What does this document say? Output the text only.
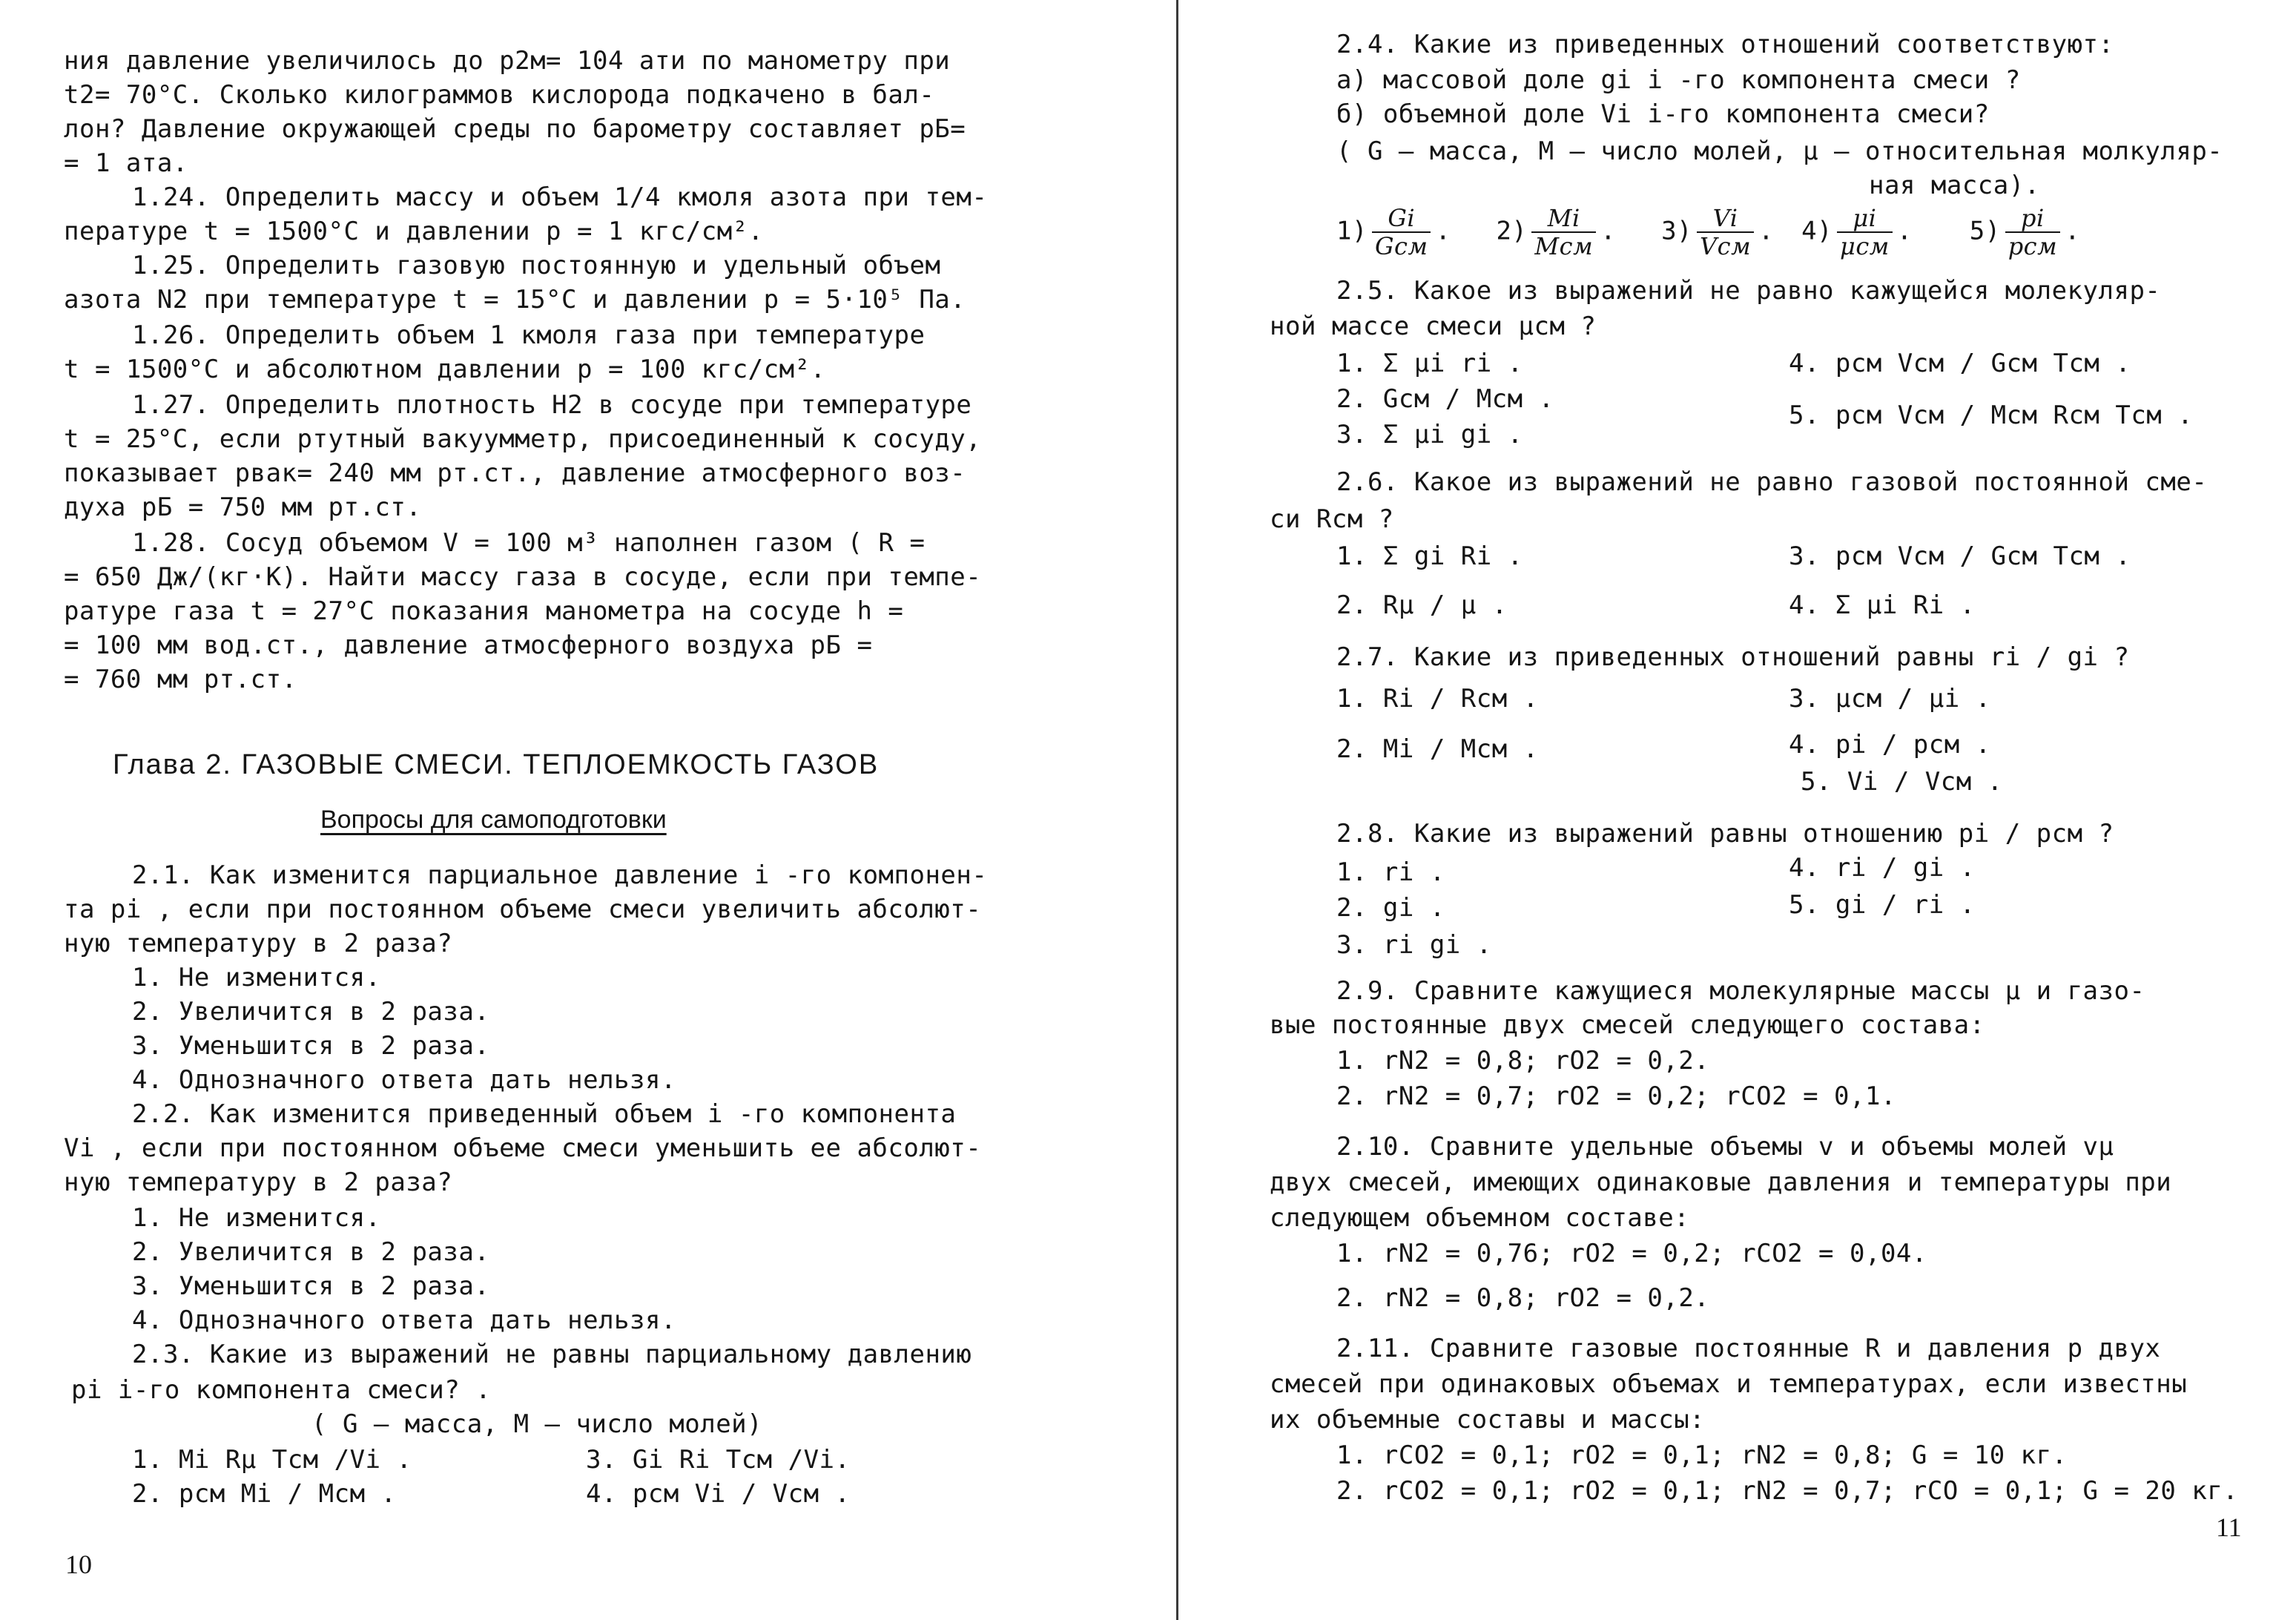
ния давление увеличилось до p2м= 104 ати по манометру при
t2= 70°С. Сколько килограммов кислорода подкачено в бал-
лон? Давление окружающей среды по барометру составляет pБ=
= 1 ата.
1.24. Определить массу и объем 1/4 кмоля азота при тем-
пературе t = 1500°С и давлении p = 1 кгс/см².
1.25. Определить газовую постоянную и удельный объем
азота N2 при температуре t = 15°С и давлении p = 5·10⁵ Па.
1.26. Определить объем 1 кмоля газа при температуре
t = 1500°С и абсолютном давлении p = 100 кгс/см².
1.27. Определить плотность H2 в сосуде при температуре
t = 25°С, если ртутный вакуумметр, присоединенный к сосуду,
показывает pвак= 240 мм рт.ст., давление атмосферного воз-
духа pБ = 750 мм рт.ст.
1.28. Сосуд объемом V = 100 м³ наполнен газом ( R =
= 650 Дж/(кг·К). Найти массу газа в сосуде, если при темпе-
ратуре газа t = 27°С показания манометра на сосуде h =
= 100 мм вод.ст., давление атмосферного воздуха pБ =
= 760 мм рт.ст.
Глава 2. ГАЗОВЫЕ СМЕСИ. ТЕПЛОЕМКОСТЬ ГАЗОВ
Вопросы для самоподготовки
2.1. Как изменится парциальное давление i -го компонен-
та pi , если при постоянном объеме смеси увеличить абсолют-
ную температуру в 2 раза?
1. Не изменится.
2. Увеличится в 2 раза.
3. Уменьшится в 2 раза.
4. Однозначного ответа дать нельзя.
2.2. Как изменится приведенный объем i -го компонента
Vi , если при постоянном объеме смеси уменьшить ее абсолют-
ную температуру в 2 раза?
1. Не изменится.
2. Увеличится в 2 раза.
3. Уменьшится в 2 раза.
4. Однозначного ответа дать нельзя.
2.3. Какие из выражений не равны парциальному давлению
pi i-го компонента смеси? .
( G – масса, M – число молей)
1. Mi Rμ Tсм /Vi .	3. Gi Ri Tсм /Vi.
2. pсм Mi / Mсм .	4. pсм Vi / Vсм .
10
2.4. Какие из приведенных отношений соответствуют:
а) массовой доле gi i -го компонента смеси ?
б) объемной доле Vi i-го компонента смеси?
( G – масса, M – число молей, μ – относительная молкуляр-
ная масса).
$1) \frac{Gi}{\text{Gсм}}$ . $2) \frac{Mi}{\text{Mсм}}$ . $3) \frac{Vi}{\text{Vсм}}$ . $4) \frac{\mu i}{\text{μсм}}$ . $5) \frac{pi}{\text{pсм}}$ .
2.5. Какое из выражений не равно кажущейся молекуляр-
ной массе смеси μсм ?
1. Σ μi ri .	4. pсм Vсм / Gсм Tсм .
2. Gсм / Mсм .
5. pсм Vсм / Mсм Rсм Tсм .
3. Σ μi gi .
2.6. Какое из выражений не равно газовой постоянной сме-
си Rсм ?
1. Σ gi Ri .	3. pсм Vсм / Gсм Tсм .
2. Rμ / μ .	4. Σ μi Ri .
2.7. Какие из приведенных отношений равны ri / gi ?
1. Ri / Rсм .	3. μсм / μi .
2. Mi / Mсм .	4. pi / pсм .
5. Vi / Vсм .
2.8. Какие из выражений равны отношению pi / pсм ?
1. ri .	4. ri / gi .
2. gi .	5. gi / ri .
3. ri gi .
2.9. Сравните кажущиеся молекулярные массы μ и газо-
вые постоянные двух смесей следующего состава:
1. rN2 = 0,8; rO2 = 0,2.
2. rN2 = 0,7; rO2 = 0,2; rCO2 = 0,1.
2.10. Сравните удельные объемы v и объемы молей vμ
двух смесей, имеющих одинаковые давления и температуры при
следующем объемном составе:
1. rN2 = 0,76; rO2 = 0,2; rCO2 = 0,04.
2. rN2 = 0,8; rO2 = 0,2.
2.11. Сравните газовые постоянные R и давления p двух
смесей при одинаковых объемах и температурах, если известны
их объемные составы и массы:
1. rCO2 = 0,1; rO2 = 0,1; rN2 = 0,8; G = 10 кг.
2. rCO2 = 0,1; rO2 = 0,1; rN2 = 0,7; rCO = 0,1; G = 20 кг.
11
